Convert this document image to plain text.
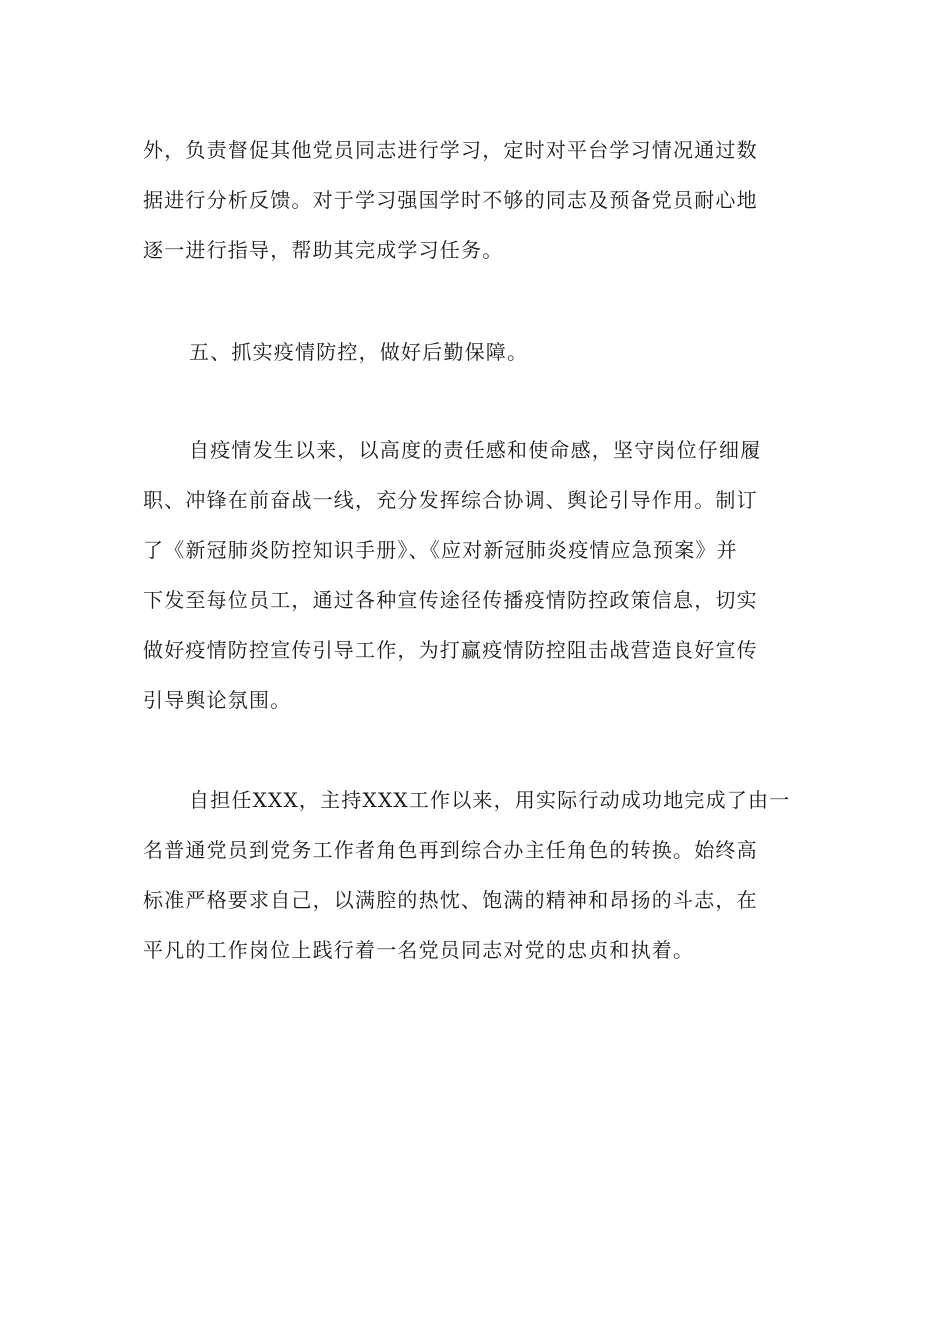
外，负责督促其他党员同志进行学习，定时对平台学习情况通过数
据进行分析反馈。对于学习强国学时不够的同志及预备党员耐心地
逐一进行指导，帮助其完成学习任务。
五、抓实疫情防控，做好后勤保障。
自疫情发生以来，以高度的责任感和使命感，坚守岗位仔细履
职、冲锋在前奋战一线，充分发挥综合协调、舆论引导作用。制订
了《新冠肺炎防控知识手册》、《应对新冠肺炎疫情应急预案》并
下发至每位员工，通过各种宣传途径传播疫情防控政策信息，切实
做好疫情防控宣传引导工作，为打赢疫情防控阻击战营造良好宣传
引导舆论氛围。
自担任XXX，主持XXX工作以来，用实际行动成功地完成了由一
名普通党员到党务工作者角色再到综合办主任角色的转换。始终高
标准严格要求自己，以满腔的热忱、饱满的精神和昂扬的斗志，在
平凡的工作岗位上践行着一名党员同志对党的忠贞和执着。
